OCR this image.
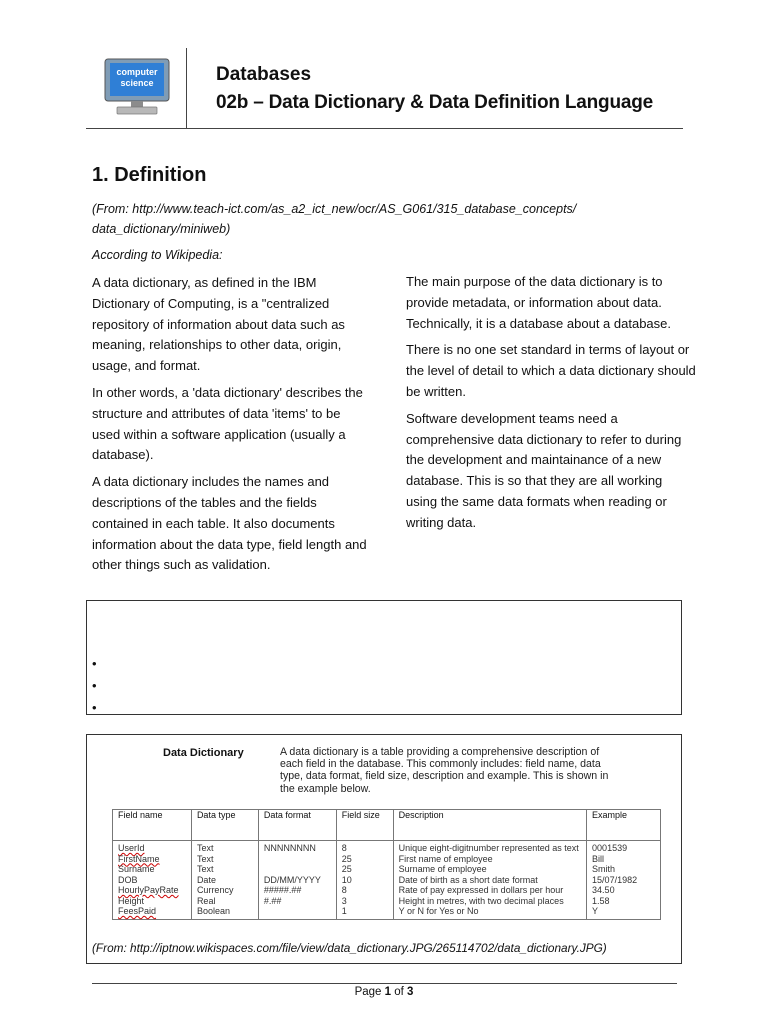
computer
science	Databases
02b – Data Dictionary & Data Definition Language
1. Definition
(From: http://www.teach-ict.com/as_a2_ict_new/ocr/AS_G061/315_database_concepts/
data_dictionary/miniweb)
According to Wikipedia:

A data dictionary, as defined in the IBM Dictionary of Computing, is a "centralized repository of information about data such as meaning, relationships to other data, origin, usage, and format.

In other words, a 'data dictionary' describes the structure and attributes of data 'items' to be used within a software application (usually a database).

A data dictionary includes the names and descriptions of the tables and the fields contained in each table. It also documents information about the data type, field length and other things such as validation.

The main purpose of the data dictionary is to provide metadata, or information about data. Technically, it is a database about a database.

There is no one set standard in terms of layout or the level of detail to which a data dictionary should be written.

Software development teams need a comprehensive data dictionary to refer to during the development and maintainance of a new database. This is so that they are all working using the same data formats when reading or writing data.

•
•
•
Data Dictionary	A data dictionary is a table providing a comprehensive description of each field in the database. This commonly includes: field name, data type, data format, field size, description and example. This is shown in the example below.
Field name	Data type	Data format	Field size	Description	Example
UserId	Text	NNNNNNNN	8	Unique eight-digitnumber represented as text	0001539
FirstName	Text		25	First name of employee	Bill
Surname	Text		25	Surname of employee	Smith
DOB	Date	DD/MM/YYYY	10	Date of birth as a short date format	15/07/1982
HourlyPayRate	Currency	#####.##	8	Rate of pay expressed in dollars per hour	34.50
Height	Real	#.##	3	Height in metres, with two decimal places	1.58
FeesPaid	Boolean		1	Y or N for Yes or No	Y
(From: http://iptnow.wikispaces.com/file/view/data_dictionary.JPG/265114702/data_dictionary.JPG)
Page 1 of 3
